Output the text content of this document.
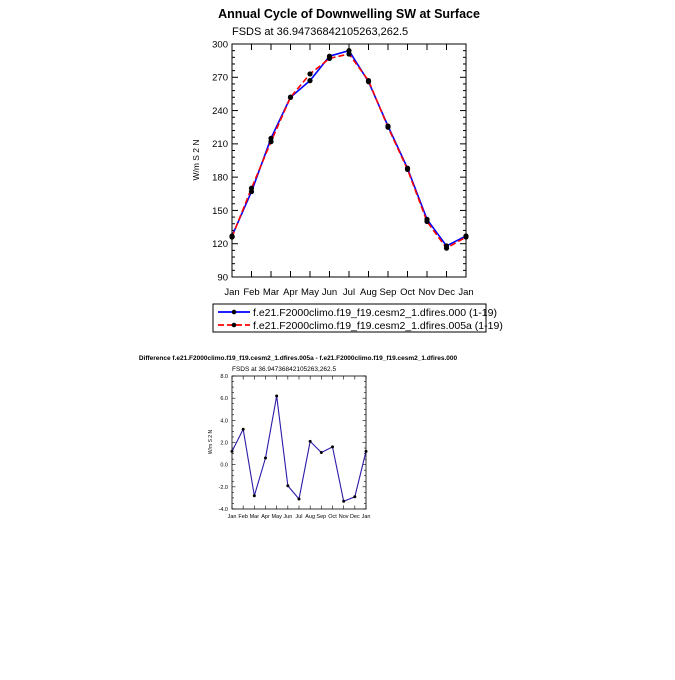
Annual Cycle of Downwelling SW at Surface
FSDS at 36.94736842105263,262.5
W/m S 2 N
90
120
150
180
210
240
270
300
Jan Feb Mar Apr May Jun Jul Aug Sep Oct Nov Dec Jan
f.e21.F2000climo.f19_f19.cesm2_1.dfires.000 (1-19)
f.e21.F2000climo.f19_f19.cesm2_1.dfires.005a (1-19)
Difference f.e21.F2000climo.f19_f19.cesm2_1.dfires.005a - f.e21.F2000climo.f19_f19.cesm2_1.dfires.000
FSDS at 36.94736842105263,262.5
W/m S 2 N
-4.0
-2.0
0.0
2.0
4.0
6.0
8.0
Jan Feb Mar Apr May Jun Jul Aug Sep Oct Nov Dec Jan
